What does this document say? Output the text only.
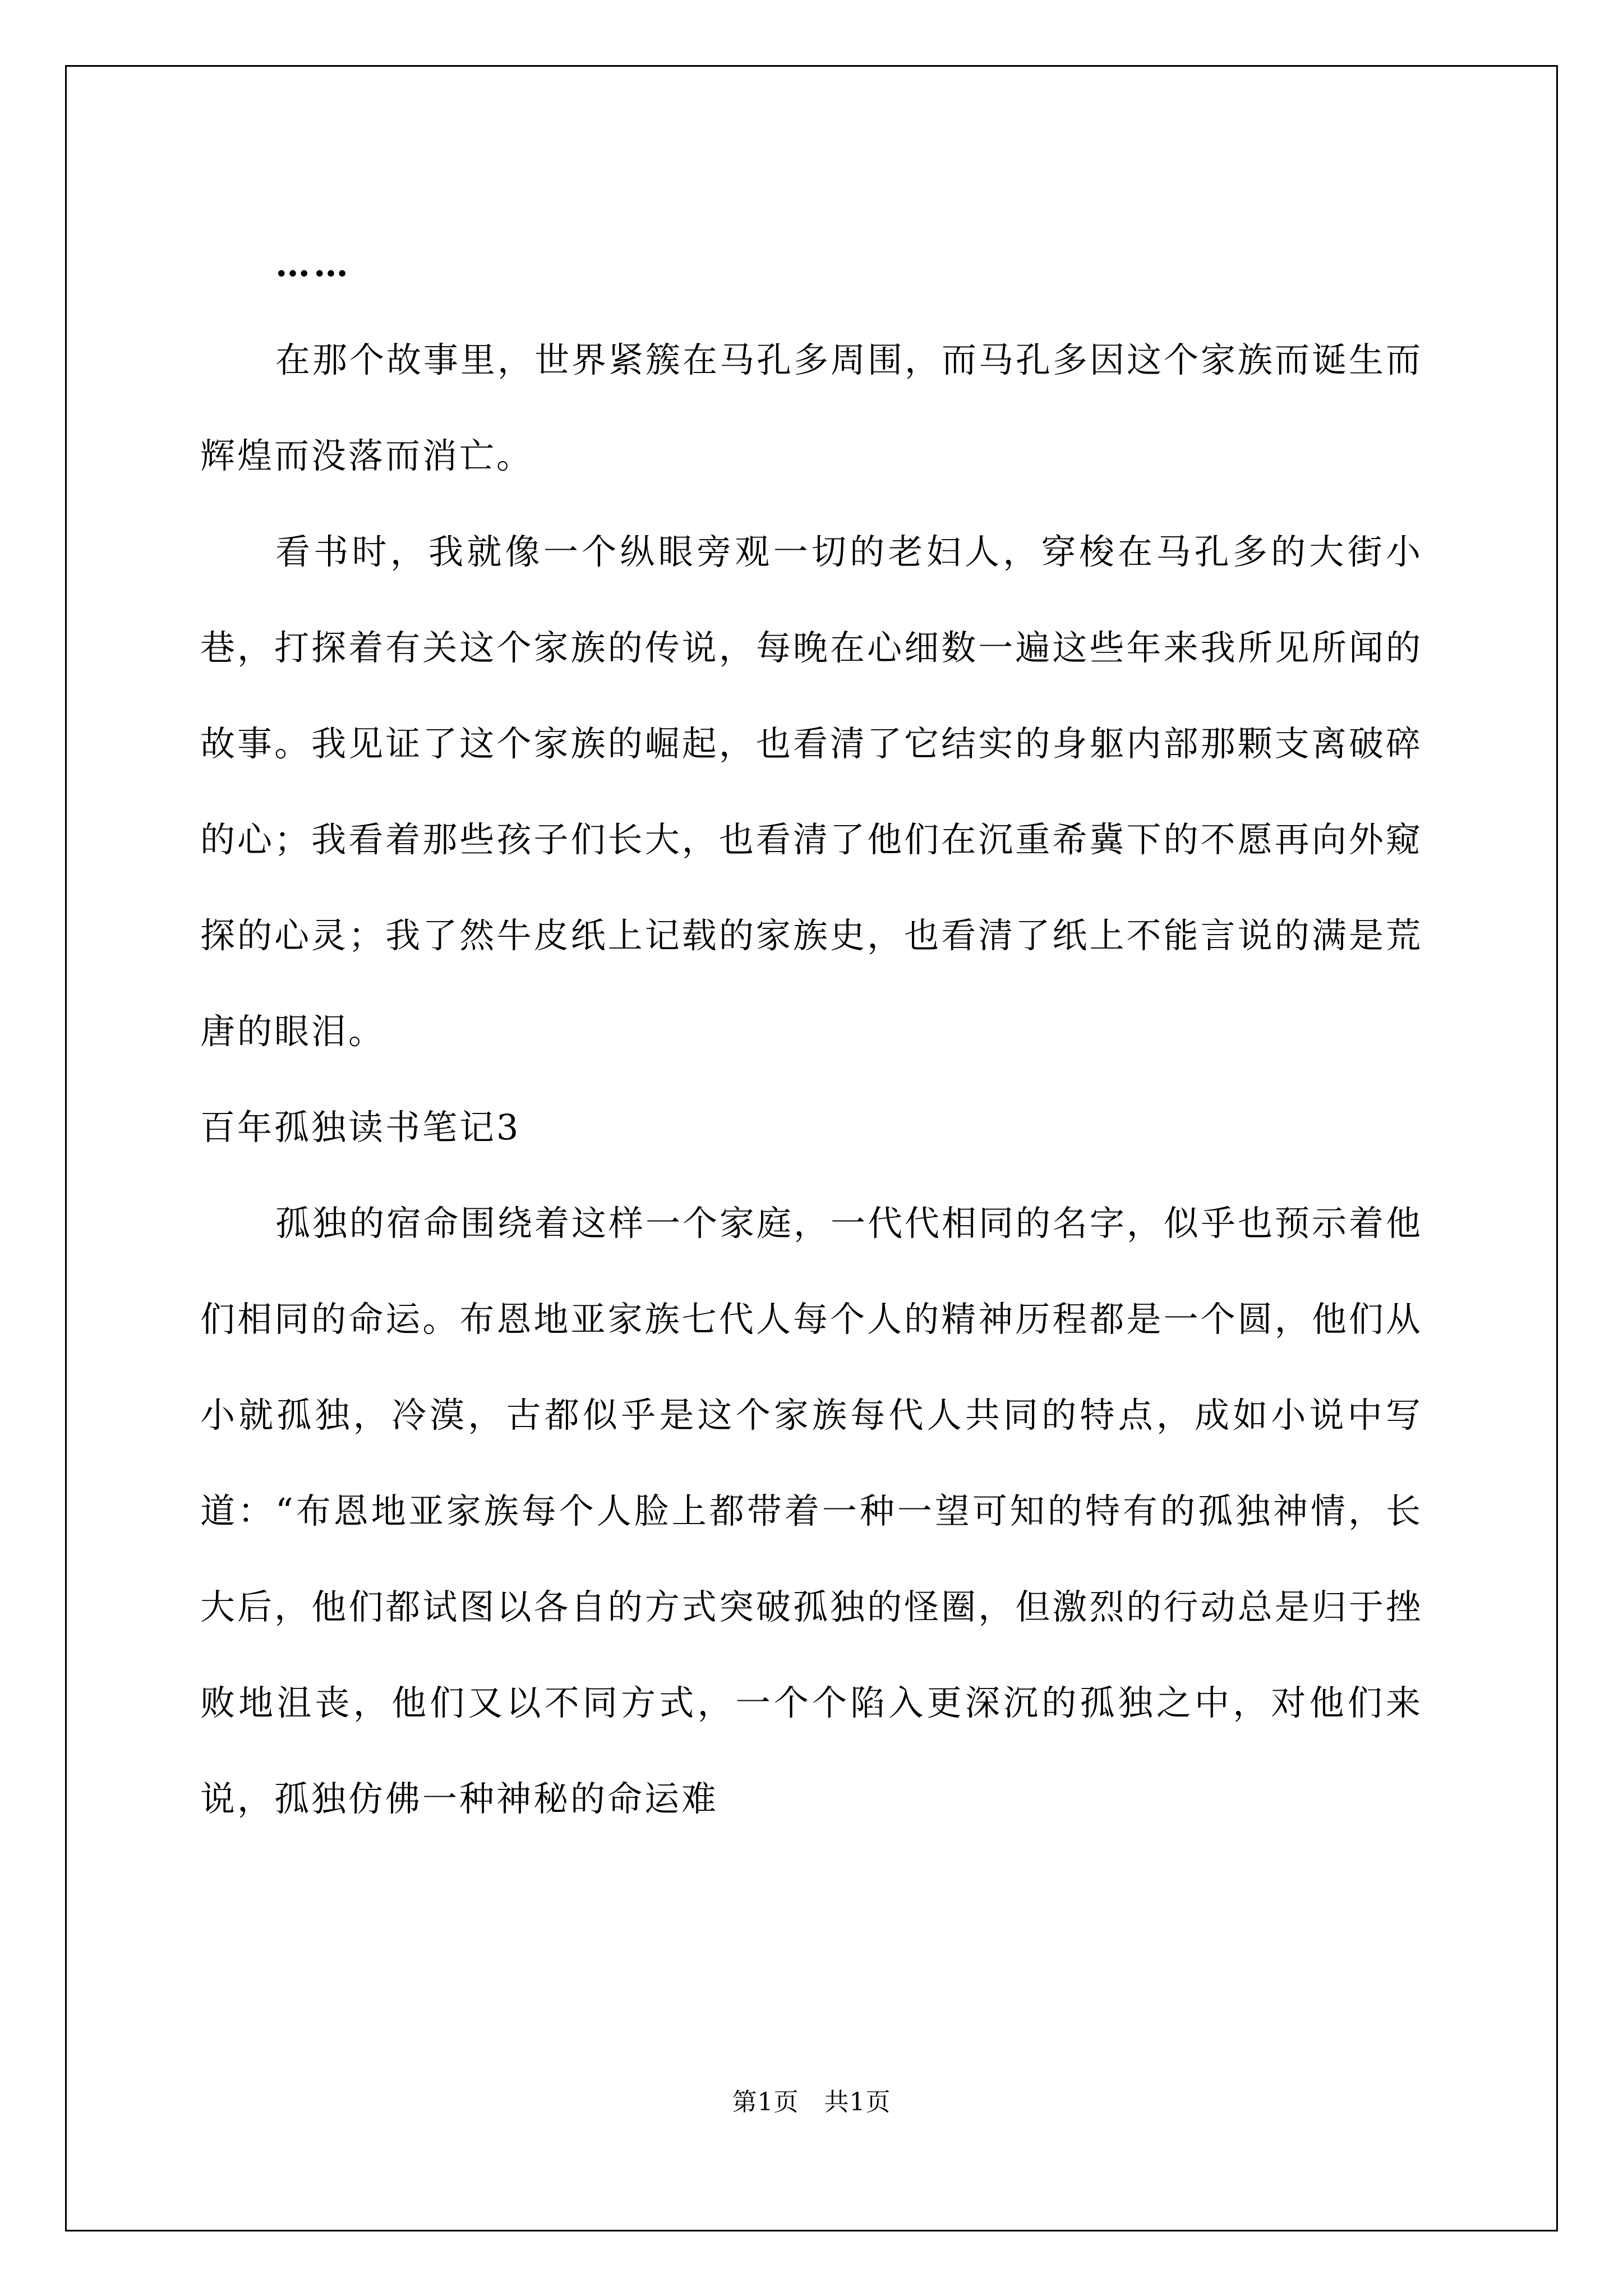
……

在那个故事里，世界紧簇在马孔多周围，而马孔多因这个家族而诞生而辉煌而没落而消亡。

看书时，我就像一个纵眼旁观一切的老妇人，穿梭在马孔多的大街小巷，打探着有关这个家族的传说，每晚在心细数一遍这些年来我所见所闻的故事。我见证了这个家族的崛起，也看清了它结实的身躯内部那颗支离破碎的心；我看着那些孩子们长大，也看清了他们在沉重希冀下的不愿再向外窥探的心灵；我了然牛皮纸上记载的家族史，也看清了纸上不能言说的满是荒唐的眼泪。

百年孤独读书笔记3

孤独的宿命围绕着这样一个家庭，一代代相同的名字，似乎也预示着他们相同的命运。布恩地亚家族七代人每个人的精神历程都是一个圆，他们从小就孤独，冷漠，古都似乎是这个家族每代人共同的特点，成如小说中写道：“布恩地亚家族每个人脸上都带着一种一望可知的特有的孤独神情，长大后，他们都试图以各自的方式突破孤独的怪圈，但激烈的行动总是归于挫败地沮丧，他们又以不同方式，一个个陷入更深沉的孤独之中，对他们来说，孤独仿佛一种神秘的命运难

第1页　共1页
